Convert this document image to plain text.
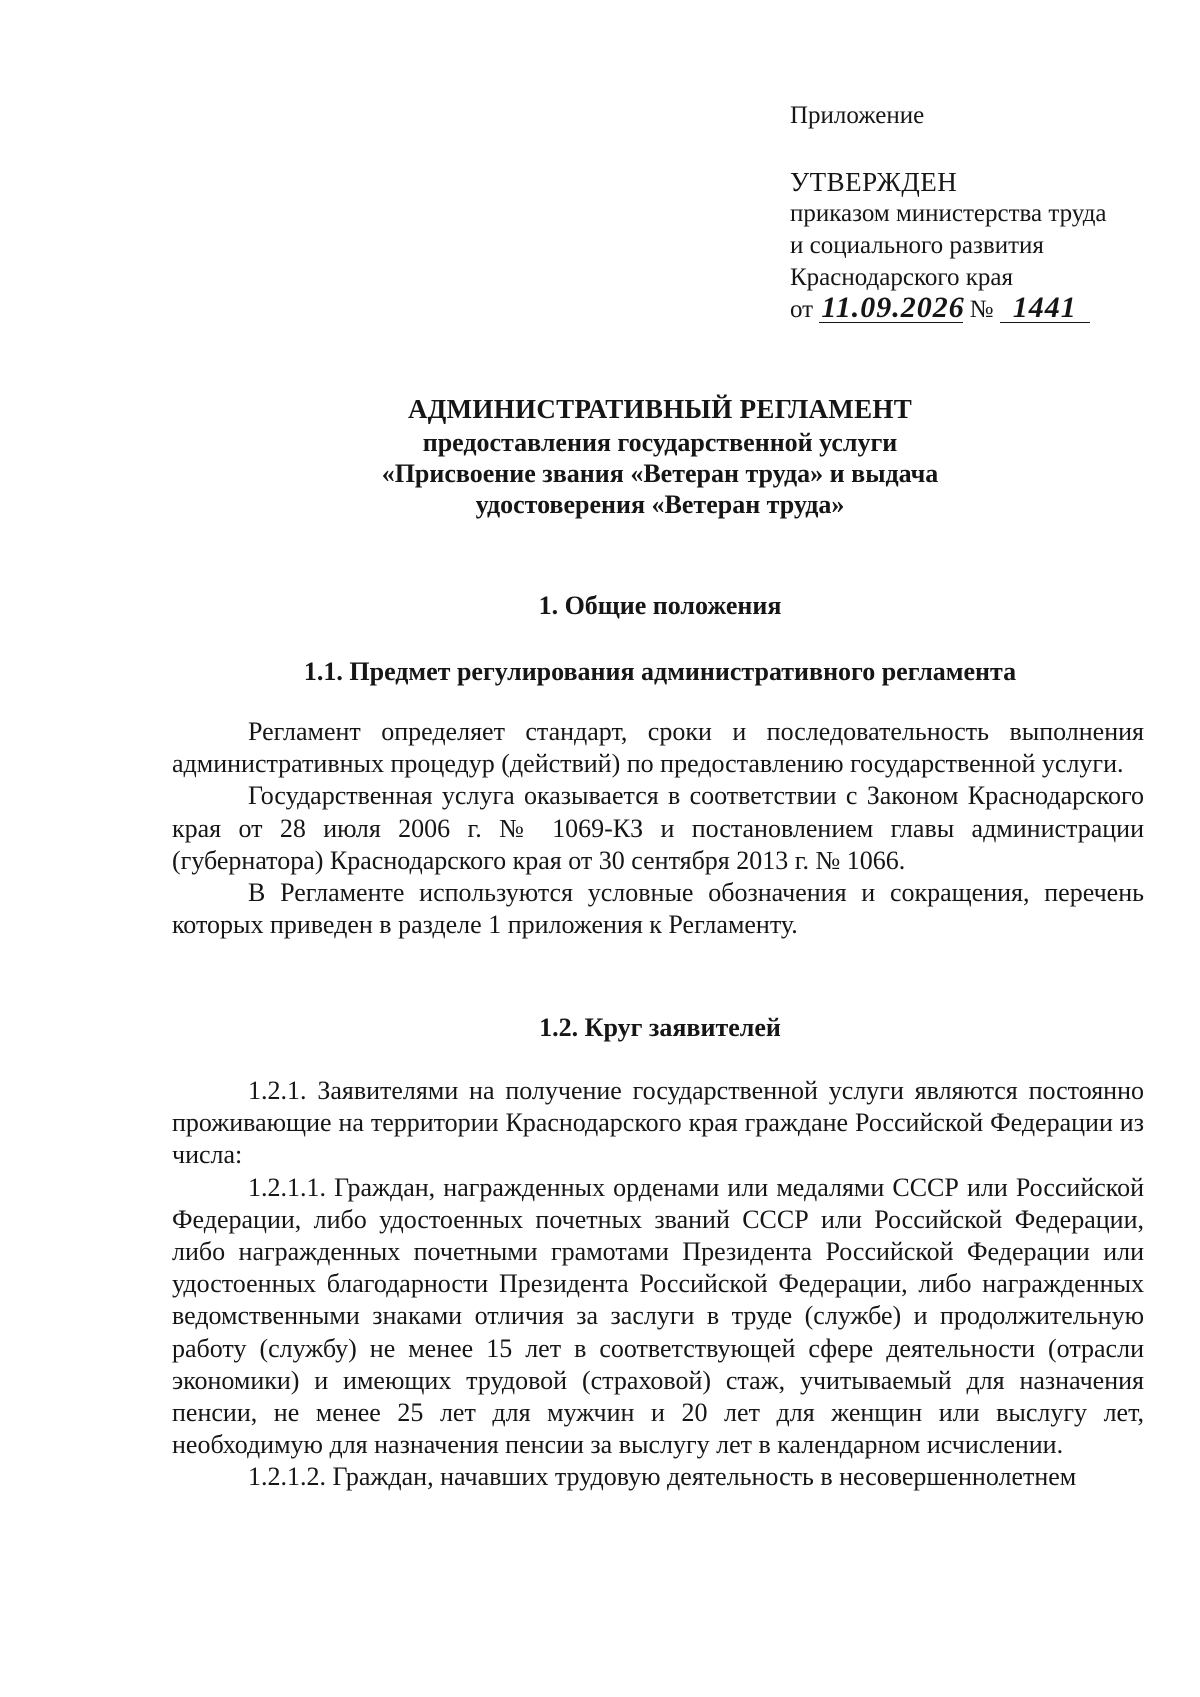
Приложение
УТВЕРЖДЕН
приказом министерства труда
и социального развития
Краснодарского края
от 11.09.2026 № 1441
АДМИНИСТРАТИВНЫЙ РЕГЛАМЕНТ
предоставления государственной услуги
«Присвоение звания «Ветеран труда» и выдача
удостоверения «Ветеран труда»
1. Общие положения
1.1. Предмет регулирования административного регламента

Регламент определяет стандарт, сроки и последовательность выполнения административных процедур (действий) по предоставлению государственной услуги.

Государственная услуга оказывается в соответствии с Законом Краснодарского края от 28 июля 2006 г. № 1069-КЗ и постановлением главы администрации (губернатора) Краснодарского края от 30 сентября 2013 г. № 1066.

В Регламенте используются условные обозначения и сокращения, перечень которых приведен в разделе 1 приложения к Регламенту.

1.2. Круг заявителей

1.2.1. Заявителями на получение государственной услуги являются постоянно проживающие на территории Краснодарского края граждане Российской Федерации из числа:

1.2.1.1. Граждан, награжденных орденами или медалями СССР или Российской Федерации, либо удостоенных почетных званий СССР или Российской Федерации, либо награжденных почетными грамотами Президента Российской Федерации или удостоенных благодарности Президента Российской Федерации, либо награжденных ведомственными знаками отличия за заслуги в труде (службе) и продолжительную работу (службу) не менее 15 лет в соответствующей сфере деятельности (отрасли экономики) и имеющих трудовой (страховой) стаж, учитываемый для назначения пенсии, не менее 25 лет для мужчин и 20 лет для женщин или выслугу лет, необходимую для назначения пенсии за выслугу лет в календарном исчислении.

1.2.1.2. Граждан, начавших трудовую деятельность в несовершеннолетнем
